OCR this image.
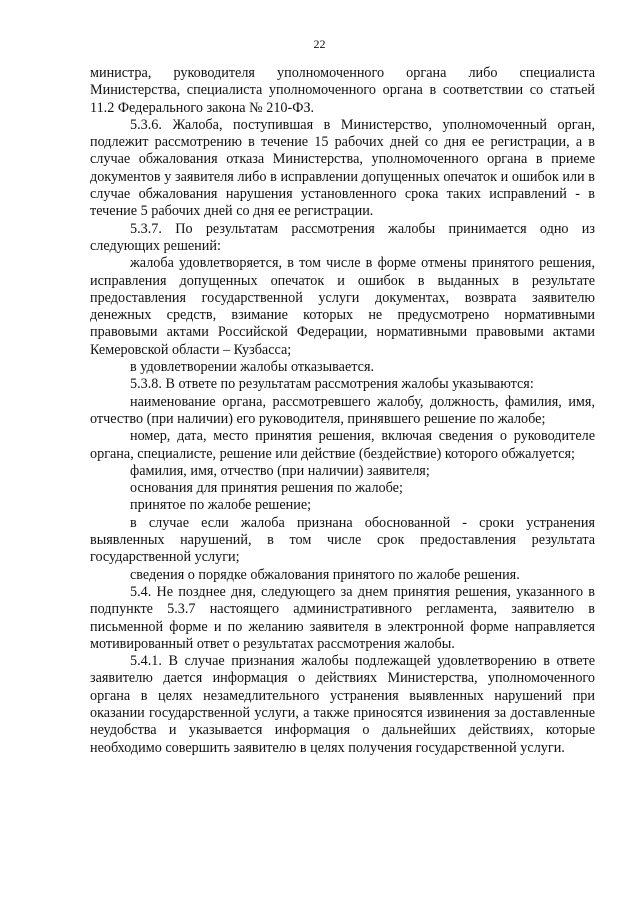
22

министра, руководителя уполномоченного органа либо специалиста Министерства, специалиста уполномоченного органа в соответствии со статьей 11.2 Федерального закона № 210-ФЗ.

5.3.6. Жалоба, поступившая в Министерство, уполномоченный орган, подлежит рассмотрению в течение 15 рабочих дней со дня ее регистрации, а в случае обжалования отказа Министерства, уполномоченного органа в приеме документов у заявителя либо в исправлении допущенных опечаток и ошибок или в случае обжалования нарушения установленного срока таких исправлений - в течение 5 рабочих дней со дня ее регистрации.

5.3.7. По результатам рассмотрения жалобы принимается одно из следующих решений:

жалоба удовлетворяется, в том числе в форме отмены принятого решения, исправления допущенных опечаток и ошибок в выданных в результате предоставления государственной услуги документах, возврата заявителю денежных средств, взимание которых не предусмотрено нормативными правовыми актами Российской Федерации, нормативными правовыми актами Кемеровской области – Кузбасса;

в удовлетворении жалобы отказывается.

5.3.8. В ответе по результатам рассмотрения жалобы указываются:

наименование органа, рассмотревшего жалобу, должность, фамилия, имя, отчество (при наличии) его руководителя, принявшего решение по жалобе;

номер, дата, место принятия решения, включая сведения о руководителе органа, специалисте, решение или действие (бездействие) которого обжалуется;

фамилия, имя, отчество (при наличии) заявителя;

основания для принятия решения по жалобе;

принятое по жалобе решение;

в случае если жалоба признана обоснованной - сроки устранения выявленных нарушений, в том числе срок предоставления результата государственной услуги;

сведения о порядке обжалования принятого по жалобе решения.

5.4. Не позднее дня, следующего за днем принятия решения, указанного в подпункте 5.3.7 настоящего административного регламента, заявителю в письменной форме и по желанию заявителя в электронной форме направляется мотивированный ответ о результатах рассмотрения жалобы.

5.4.1. В случае признания жалобы подлежащей удовлетворению в ответе заявителю дается информация о действиях Министерства, уполномоченного органа в целях незамедлительного устранения выявленных нарушений при оказании государственной услуги, а также приносятся извинения за доставленные неудобства и указывается информация о дальнейших действиях, которые необходимо совершить заявителю в целях получения государственной услуги.
